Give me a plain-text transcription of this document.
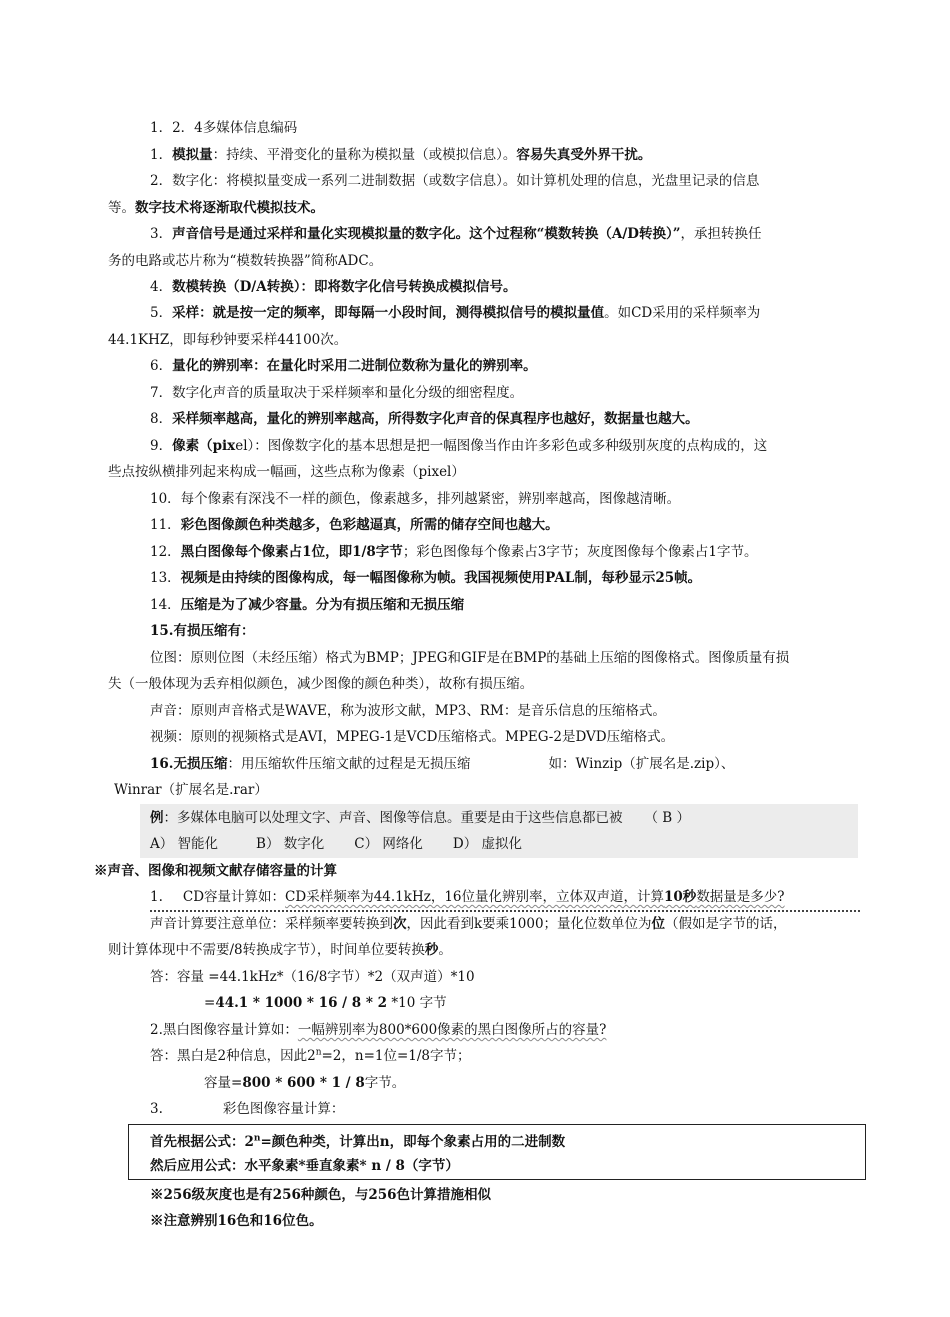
1．2．4多媒体信息编码
1．模拟量：持续、平滑变化的量称为模拟量（或模拟信息）。容易失真受外界干扰。
2．数字化：将模拟量变成一系列二进制数据（或数字信息）。如计算机处理的信息，光盘里记录的信息
等。数字技术将逐渐取代模拟技术。
3．声音信号是通过采样和量化实现模拟量的数字化。这个过程称“模数转换（A/D转换）”，承担转换任
务的电路或芯片称为“模数转换器”简称ADC。
4．数模转换（D/A转换）：即将数字化信号转换成模拟信号。
5．采样：就是按一定的频率，即每隔一小段时间，测得模拟信号的模拟量值。如CD采用的采样频率为
44.1KHZ，即每秒钟要采样44100次。
6．量化的辨别率：在量化时采用二进制位数称为量化的辨别率。
7．数字化声音的质量取决于采样频率和量化分级的细密程度。
8．采样频率越高，量化的辨别率越高，所得数字化声音的保真程序也越好，数据量也越大。
9．像素（pixel）：图像数字化的基本思想是把一幅图像当作由许多彩色或多种级别灰度的点构成的，这
些点按纵横排列起来构成一幅画，这些点称为像素（pixel）
10．每个像素有深浅不一样的颜色，像素越多，排列越紧密，辨别率越高，图像越清晰。
11．彩色图像颜色种类越多，色彩越逼真，所需的储存空间也越大。
12．黑白图像每个像素占1位，即1/8字节；彩色图像每个像素占3字节；灰度图像每个像素占1字节。
13．视频是由持续的图像构成，每一幅图像称为帧。我国视频使用PAL制，每秒显示25帧。
14．压缩是为了减少容量。分为有损压缩和无损压缩
15.有损压缩有：
位图：原则位图（未经压缩）格式为BMP；JPEG和GIF是在BMP的基础上压缩的图像格式。图像质量有损
失（一般体现为丢弃相似颜色，减少图像的颜色种类），故称有损压缩。
声音：原则声音格式是WAVE，称为波形文献，MP3、RM：是音乐信息的压缩格式。
视频：原则的视频格式是AVI，MPEG-1是VCD压缩格式。MPEG-2是DVD压缩格式。
16.无损压缩：用压缩软件压缩文献的过程是无损压缩	如：Winzip（扩展名是.zip）、
Winrar（扩展名是.rar）
例：多媒体电脑可以处理文字、声音、图像等信息。重要是由于这些信息都已被 （ B ）
A） 智能化	B） 数字化 C） 网络化 D） 虚拟化
※声音、图像和视频文献存储容量的计算
1. CD容量计算如：CD采样频率为44.1kHz，16位量化辨别率，立体双声道，计算10秒数据量是多少?
声音计算要注意单位：采样频率要转换到次，因此看到k要乘1000；量化位数单位为位（假如是字节的话，
则计算体现中不需要/8转换成字节），时间单位要转换秒。
答：容量 =44.1kHz*（16/8字节）*2（双声道）*10
=44.1 * 1000 * 16 / 8 * 2 *10 字节
2.黑白图像容量计算如：一幅辨别率为800*600像素的黑白图像所占的容量?
答：黑白是2种信息，因此$2^n=2$，n=1位=1/8字节；
容量=800 * 600 * 1 / 8字节。
3.	彩色图像容量计算：
首先根据公式：$2^n=$颜色种类，计算出n，即每个象素占用的二进制数
然后应用公式：水平象素*垂直象素* n / 8（字节）
※256级灰度也是有256种颜色，与256色计算措施相似
※注意辨别16色和16位色。
